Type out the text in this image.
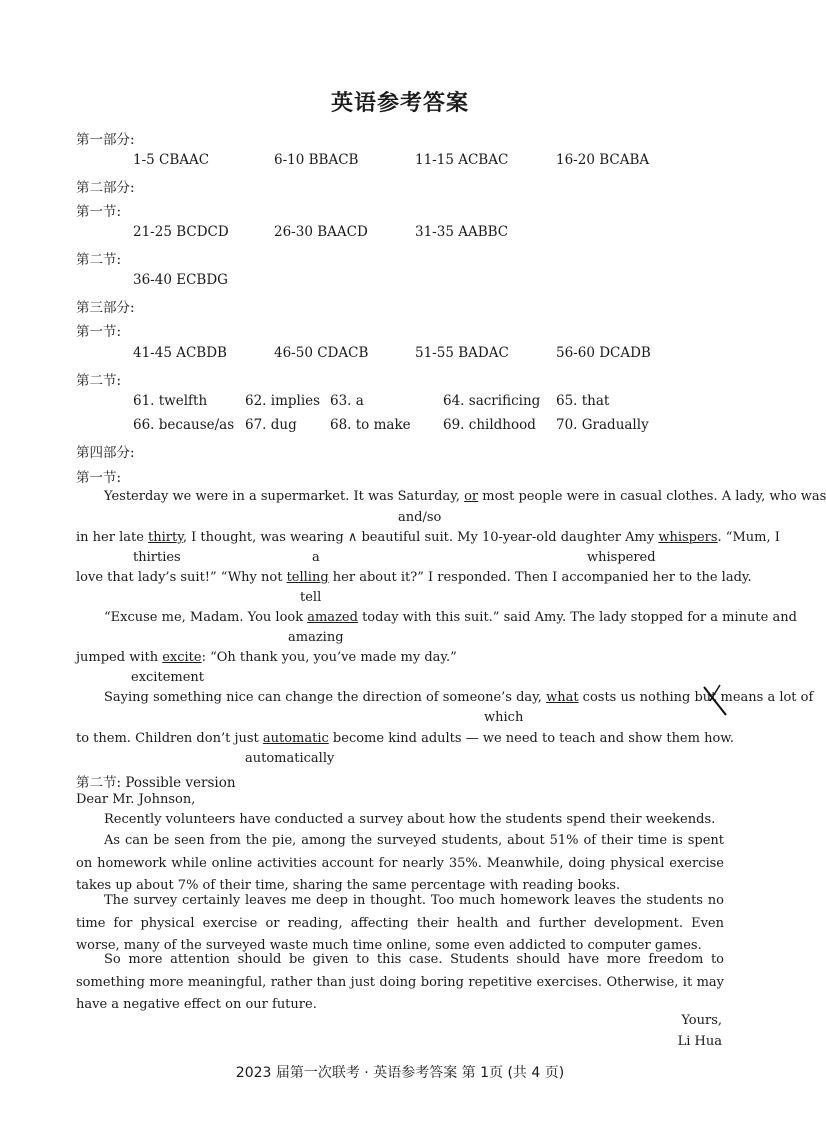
英语参考答案
第一部分:
1-5 CBAAC	6-10 BBACB	11-15 ACBAC	16-20 BCABA
第二部分:
第一节:
21-25 BCDCD	26-30 BAACD	31-35 AABBC
第二节:
36-40 ECBDG
第三部分:
第一节:
41-45 ACBDB	46-50 CDACB	51-55 BADAC	56-60 DCADB
第二节:
61. twelfth	62. implies 63. a	64. sacrificing 65. that
66. because/as 67. dug 68. to make 69. childhood 70. Gradually
第四部分:
第一节:
Yesterday we were in a supermarket. It was Saturday, or most people were in casual clothes. A lady, who was
and/so
in her late thirty, I thought, was wearing ∧ beautiful suit. My 10-year-old daughter Amy whispers. “Mum, I
thirties	a	whispered
love that lady’s suit!” “Why not telling her about it?” I responded. Then I accompanied her to the lady.
tell
“Excuse me, Madam. You look amazed today with this suit.” said Amy. The lady stopped for a minute and
amazing
jumped with excite: “Oh thank you, you’ve made my day.”
excitement
Saying something nice can change the direction of someone’s day, what costs us nothing but means a lot of
which
to them. Children don’t just automatic become kind adults — we need to teach and show them how.
automatically
第二节: Possible version
Dear Mr. Johnson,
Recently volunteers have conducted a survey about how the students spend their weekends.
As can be seen from the pie, among the surveyed students, about 51% of their time is spent on homework while online activities account for nearly 35%. Meanwhile, doing physical exercise takes up about 7% of their time, sharing the same percentage with reading books.
The survey certainly leaves me deep in thought. Too much homework leaves the students no time for physical exercise or reading, affecting their health and further development. Even worse, many of the surveyed waste much time online, some even addicted to computer games.
So more attention should be given to this case. Students should have more freedom to something more meaningful, rather than just doing boring repetitive exercises. Otherwise, it may have a negative effect on our future.
Yours,
Li Hua
2023 届第一次联考 · 英语参考答案 第 1页 (共 4 页)
